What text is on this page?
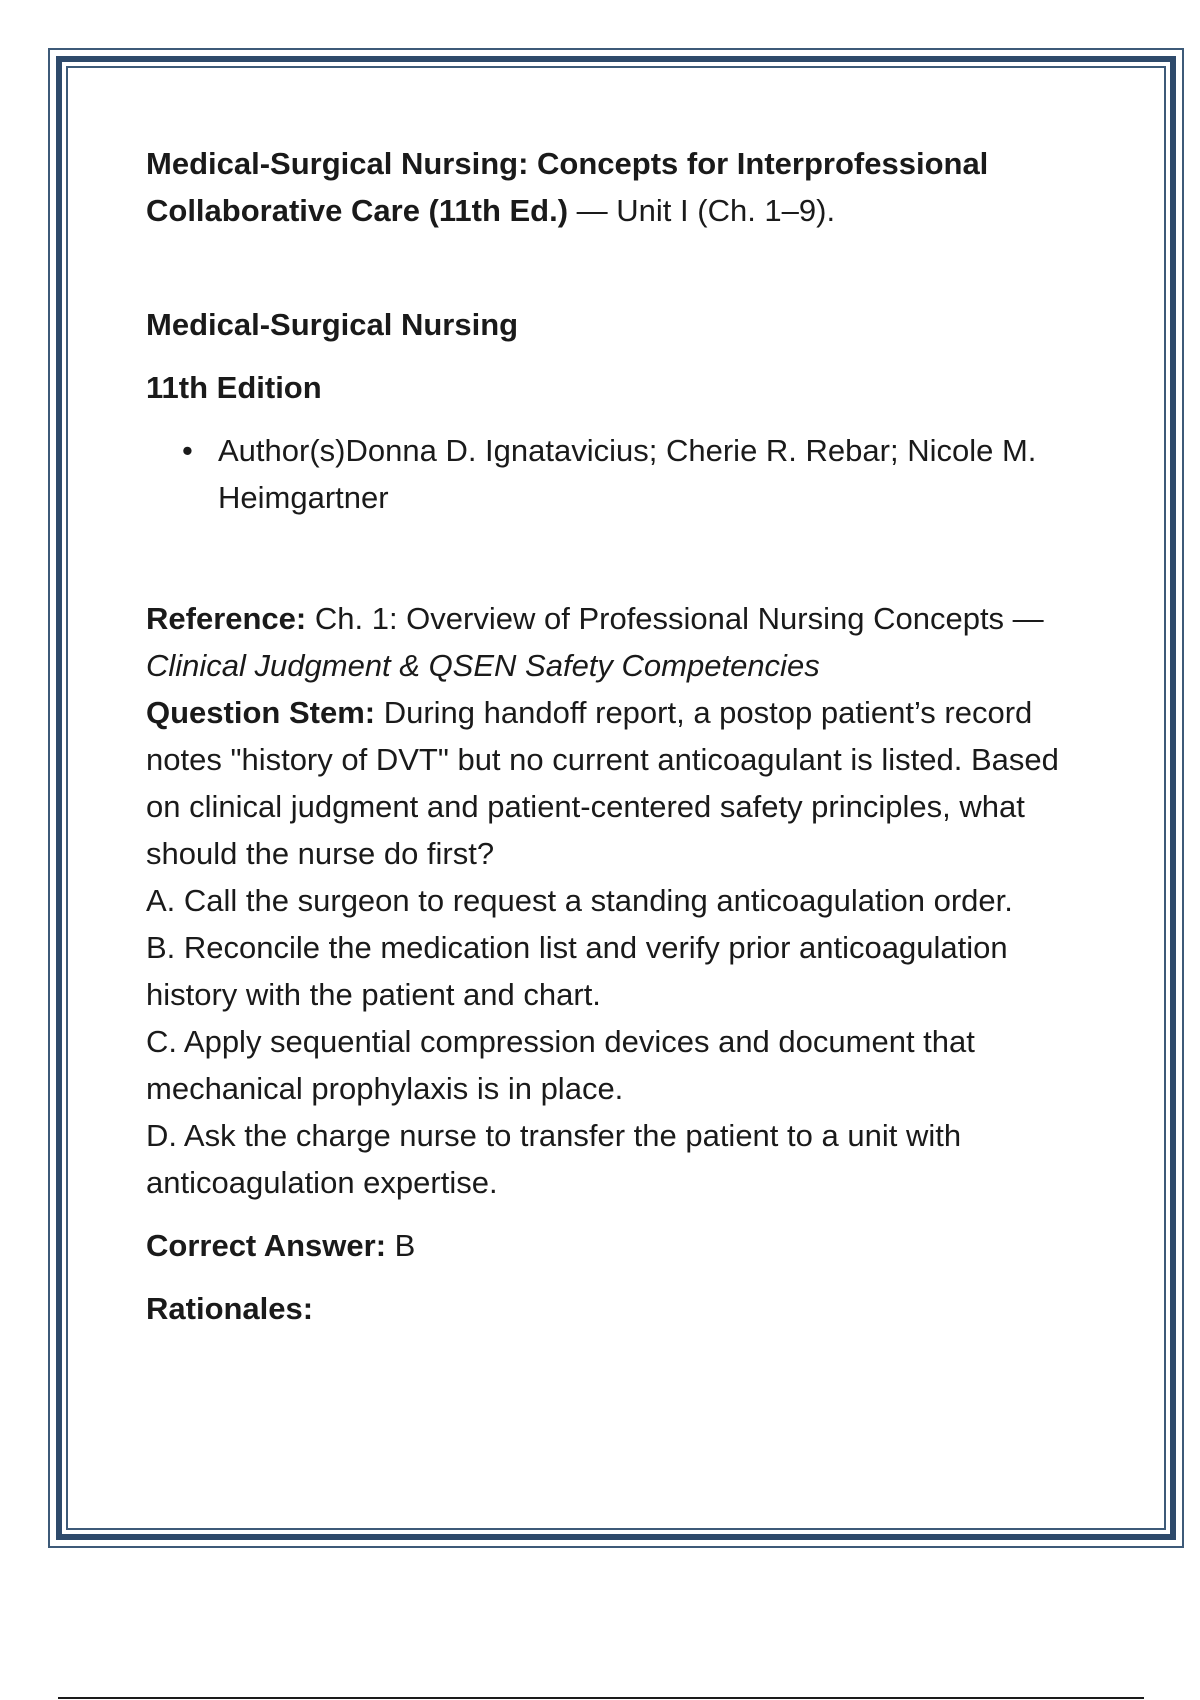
Medical-Surgical Nursing: Concepts for Interprofessional Collaborative Care (11th Ed.) — Unit I (Ch. 1–9).

Medical-Surgical Nursing

11th Edition

• Author(s)Donna D. Ignatavicius; Cherie R. Rebar; Nicole M. Heimgartner

Reference: Ch. 1: Overview of Professional Nursing Concepts — Clinical Judgment & QSEN Safety Competencies

Question Stem: During handoff report, a postop patient’s record notes "history of DVT" but no current anticoagulant is listed. Based on clinical judgment and patient-centered safety principles, what should the nurse do first?

A. Call the surgeon to request a standing anticoagulation order.

B. Reconcile the medication list and verify prior anticoagulation history with the patient and chart.

C. Apply sequential compression devices and document that mechanical prophylaxis is in place.

D. Ask the charge nurse to transfer the patient to a unit with anticoagulation expertise.

Correct Answer: B

Rationales:
